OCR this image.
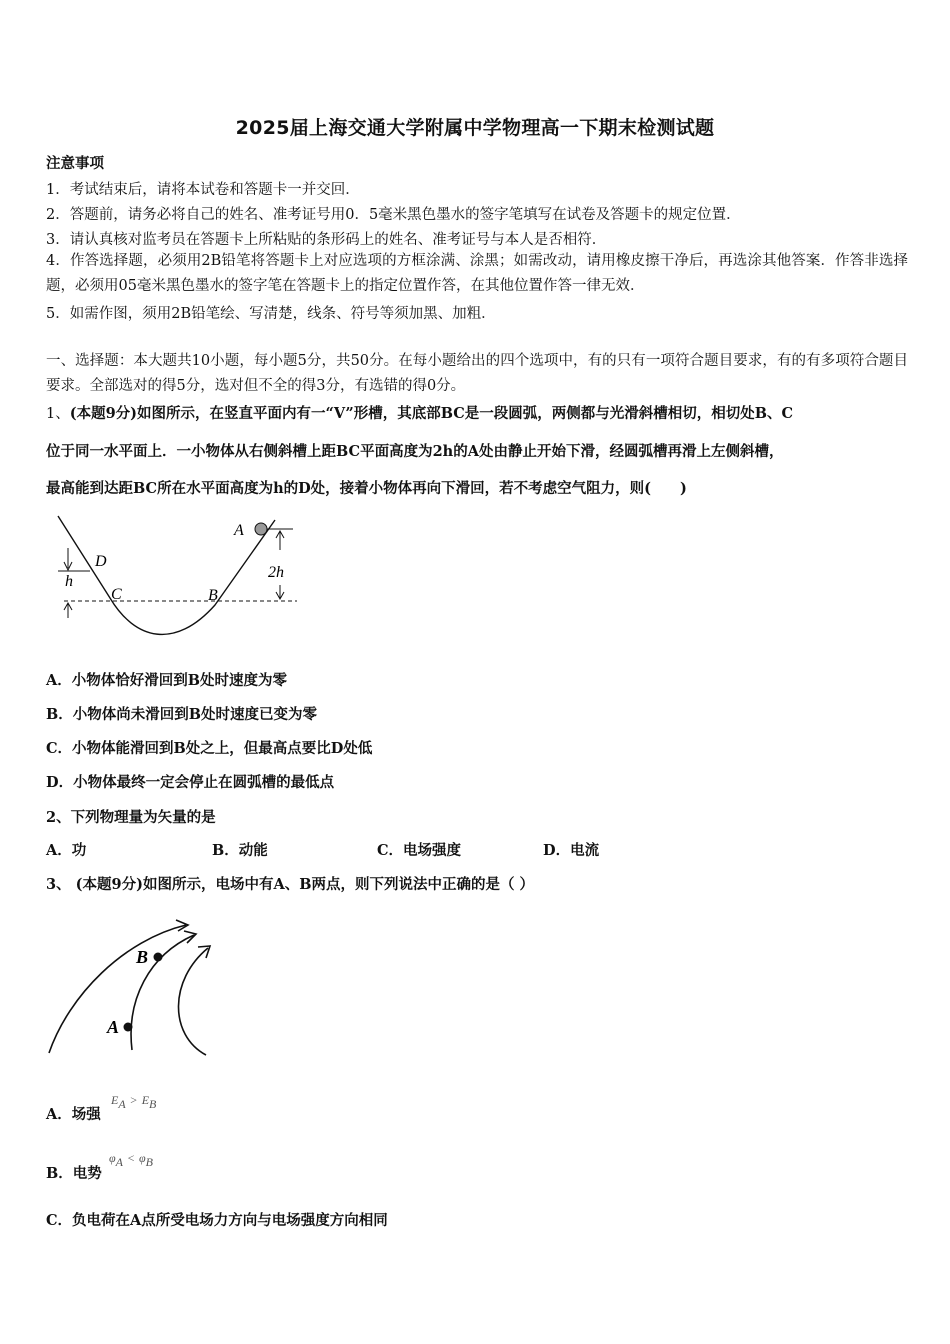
2025届上海交通大学附属中学物理高一下期末检测试题
注意事项
1．考试结束后，请将本试卷和答题卡一并交回．
2．答题前，请务必将自己的姓名、准考证号用0．5毫米黑色墨水的签字笔填写在试卷及答题卡的规定位置．
3．请认真核对监考员在答题卡上所粘贴的条形码上的姓名、准考证号与本人是否相符．
4．作答选择题，必须用2B铅笔将答题卡上对应选项的方框涂满、涂黑；如需改动，请用橡皮擦干净后，再选涂其他答案．作答非选择题，必须用05毫米黑色墨水的签字笔在答题卡上的指定位置作答，在其他位置作答一律无效．
5．如需作图，须用2B铅笔绘、写清楚，线条、符号等须加黑、加粗．
一、选择题：本大题共10小题，每小题5分，共50分。在每小题给出的四个选项中，有的只有一项符合题目要求，有的有多项符合题目要求。全部选对的得5分，选对但不全的得3分，有选错的得0分。
1、(本题9分)如图所示，在竖直平面内有一“V”形槽，其底部BC是一段圆弧，两侧都与光滑斜槽相切，相切处B、C
位于同一水平面上．一小物体从右侧斜槽上距BC平面高度为2h的A处由静止开始下滑，经圆弧槽再滑上左侧斜槽，
最高能到达距BC所在水平面高度为h的D处，接着小物体再向下滑回，若不考虑空气阻力，则(　　)
A
B
C
D
h
2h
A．小物体恰好滑回到B处时速度为零
B．小物体尚未滑回到B处时速度已变为零
C．小物体能滑回到B处之上，但最高点要比D处低
D．小物体最终一定会停止在圆弧槽的最低点
2、下列物理量为矢量的是
A．功	B．动能	C．电场强度	D．电流
3、 (本题9分)如图所示，电场中有A、B两点，则下列说法中正确的是（ ）
B
A
A．场强
$E_A > E_B$
B．电势
$\varphi_A < \varphi_B$
C．负电荷在A点所受电场力方向与电场强度方向相同
